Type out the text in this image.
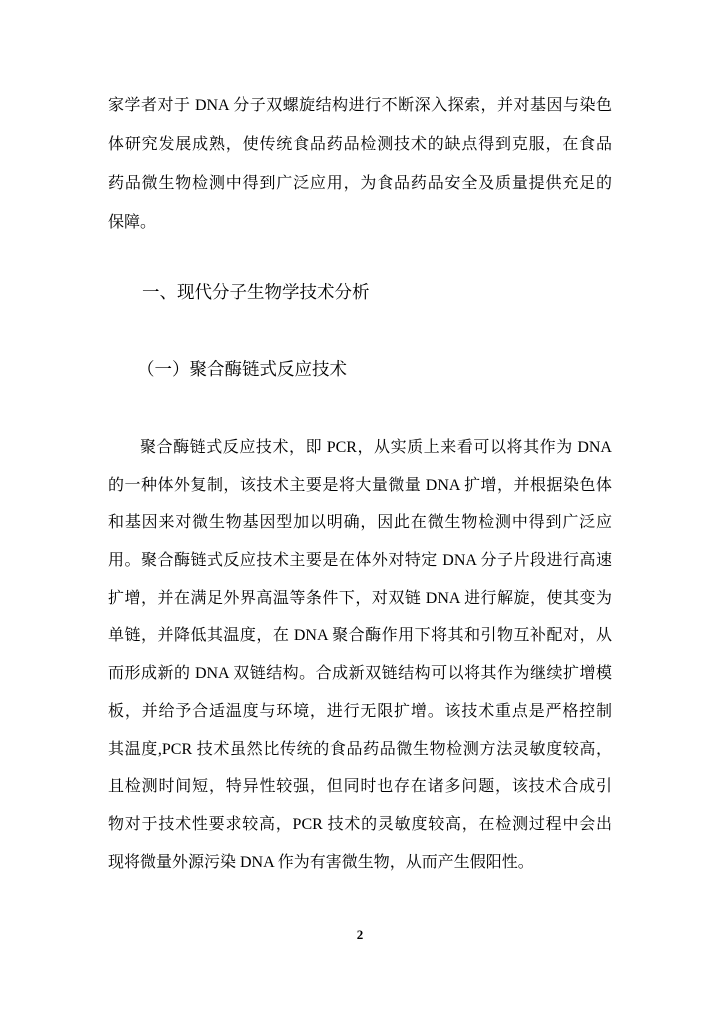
家学者对于 DNA 分子双螺旋结构进行不断深入探索，并对基因与染色
体研究发展成熟，使传统食品药品检测技术的缺点得到克服，在食品
药品微生物检测中得到广泛应用，为食品药品安全及质量提供充足的
保障。
一、现代分子生物学技术分析
（一）聚合酶链式反应技术
聚合酶链式反应技术，即 PCR，从实质上来看可以将其作为 DNA
的一种体外复制，该技术主要是将大量微量 DNA 扩增，并根据染色体
和基因来对微生物基因型加以明确，因此在微生物检测中得到广泛应
用。聚合酶链式反应技术主要是在体外对特定 DNA 分子片段进行高速
扩增，并在满足外界高温等条件下，对双链 DNA 进行解旋，使其变为
单链，并降低其温度，在 DNA 聚合酶作用下将其和引物互补配对，从
而形成新的 DNA 双链结构。合成新双链结构可以将其作为继续扩增模
板，并给予合适温度与环境，进行无限扩增。该技术重点是严格控制
其温度,PCR 技术虽然比传统的食品药品微生物检测方法灵敏度较高，
且检测时间短，特异性较强，但同时也存在诸多问题，该技术合成引
物对于技术性要求较高，PCR 技术的灵敏度较高，在检测过程中会出
现将微量外源污染 DNA 作为有害微生物，从而产生假阳性。
2
